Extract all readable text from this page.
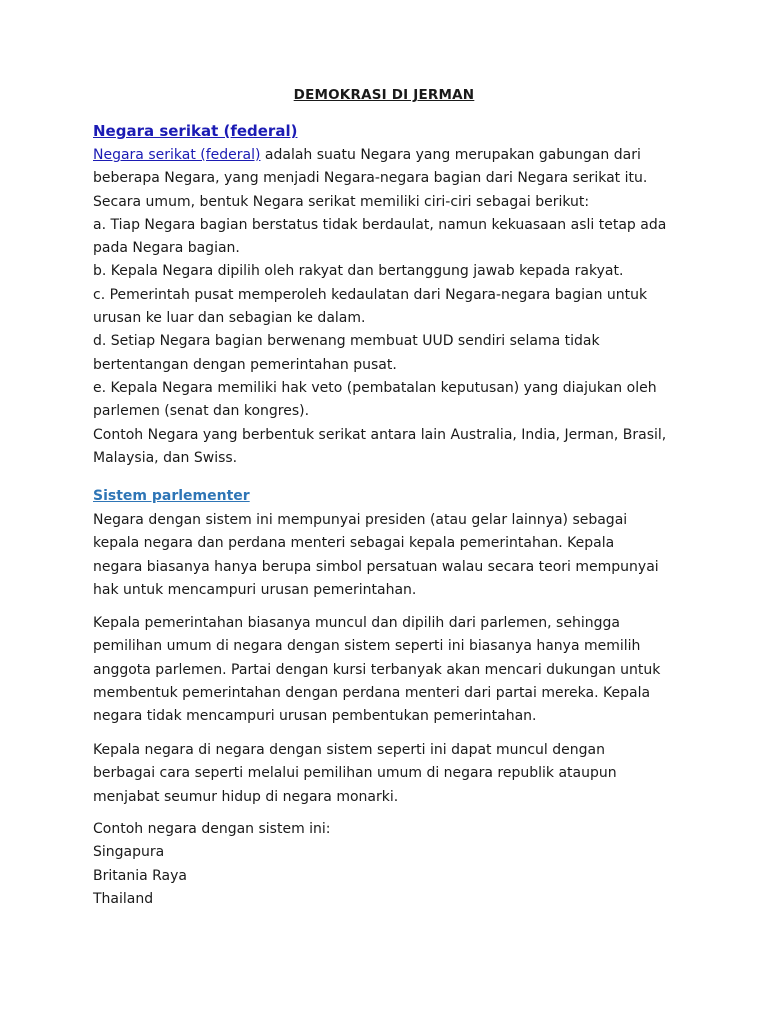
DEMOKRASI DI JERMAN
Negara serikat (federal)

Negara serikat (federal) adalah suatu Negara yang merupakan gabungan dari
beberapa Negara, yang menjadi Negara-negara bagian dari Negara serikat itu.
Secara umum, bentuk Negara serikat memiliki ciri-ciri sebagai berikut:
a. Tiap Negara bagian berstatus tidak berdaulat, namun kekuasaan asli tetap ada
pada Negara bagian.
b. Kepala Negara dipilih oleh rakyat dan bertanggung jawab kepada rakyat.
c. Pemerintah pusat memperoleh kedaulatan dari Negara-negara bagian untuk
urusan ke luar dan sebagian ke dalam.
d. Setiap Negara bagian berwenang membuat UUD sendiri selama tidak
bertentangan dengan pemerintahan pusat.
e. Kepala Negara memiliki hak veto (pembatalan keputusan) yang diajukan oleh
parlemen (senat dan kongres).
Contoh Negara yang berbentuk serikat antara lain Australia, India, Jerman, Brasil,
Malaysia, dan Swiss.

Sistem parlementer

Negara dengan sistem ini mempunyai presiden (atau gelar lainnya) sebagai
kepala negara dan perdana menteri sebagai kepala pemerintahan. Kepala
negara biasanya hanya berupa simbol persatuan walau secara teori mempunyai
hak untuk mencampuri urusan pemerintahan.

Kepala pemerintahan biasanya muncul dan dipilih dari parlemen, sehingga
pemilihan umum di negara dengan sistem seperti ini biasanya hanya memilih
anggota parlemen. Partai dengan kursi terbanyak akan mencari dukungan untuk
membentuk pemerintahan dengan perdana menteri dari partai mereka. Kepala
negara tidak mencampuri urusan pembentukan pemerintahan.

Kepala negara di negara dengan sistem seperti ini dapat muncul dengan
berbagai cara seperti melalui pemilihan umum di negara republik ataupun
menjabat seumur hidup di negara monarki.

Contoh negara dengan sistem ini:
Singapura
Britania Raya
Thailand
